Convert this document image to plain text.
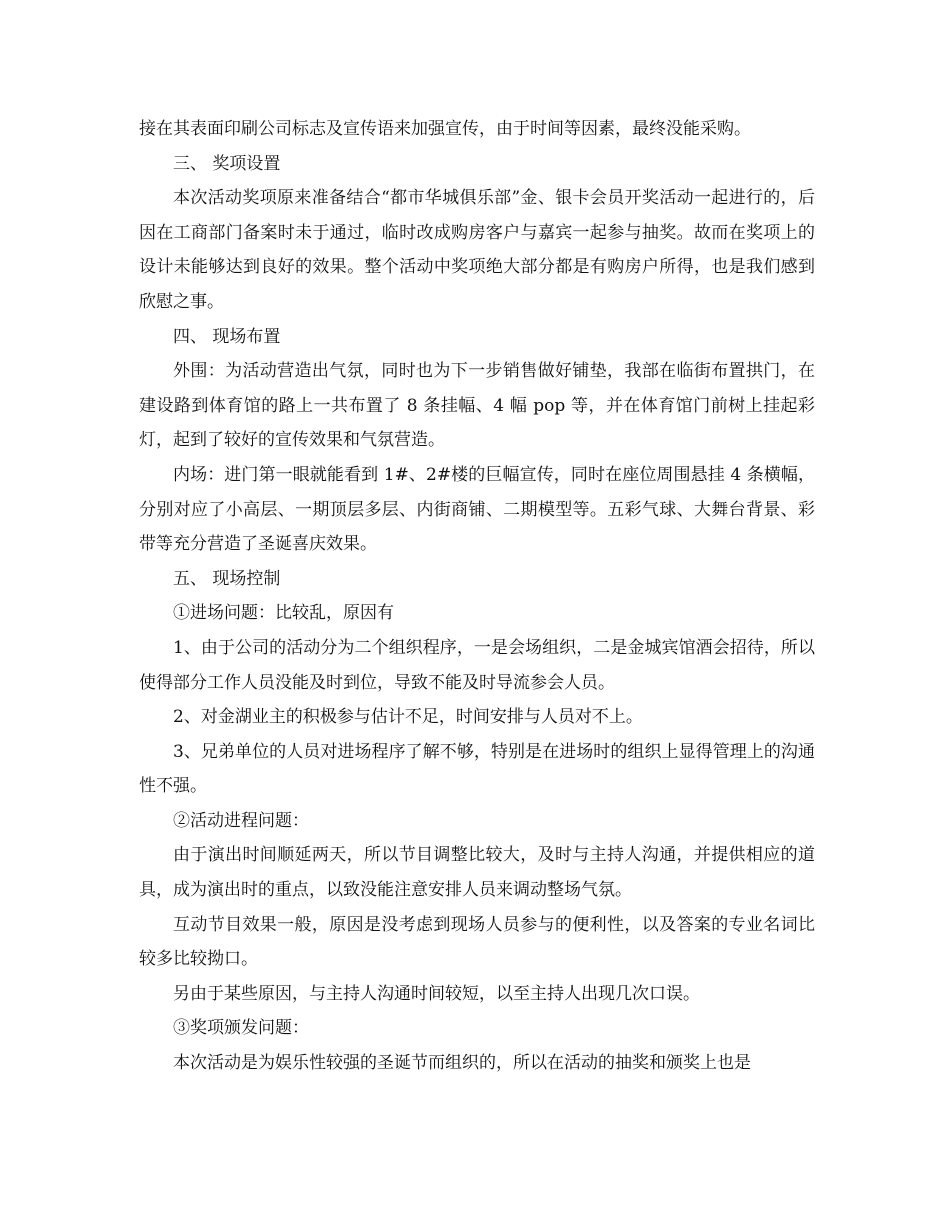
接在其表面印刷公司标志及宣传语来加强宣传，由于时间等因素，最终没能采购。

三、 奖项设置

本次活动奖项原来准备结合“都市华城俱乐部”金、银卡会员开奖活动一起进行的，后因在工商部门备案时未于通过，临时改成购房客户与嘉宾一起参与抽奖。故而在奖项上的设计未能够达到良好的效果。整个活动中奖项绝大部分都是有购房户所得，也是我们感到欣慰之事。

四、 现场布置

外围：为活动营造出气氛，同时也为下一步销售做好铺垫，我部在临街布置拱门，在建设路到体育馆的路上一共布置了 8 条挂幅、4 幅 pop 等，并在体育馆门前树上挂起彩灯，起到了较好的宣传效果和气氛营造。

内场：进门第一眼就能看到 1#、2#楼的巨幅宣传，同时在座位周围悬挂 4 条横幅，分别对应了小高层、一期顶层多层、内街商铺、二期模型等。五彩气球、大舞台背景、彩带等充分营造了圣诞喜庆效果。

五、 现场控制

①进场问题：比较乱，原因有

1、由于公司的活动分为二个组织程序，一是会场组织，二是金城宾馆酒会招待，所以使得部分工作人员没能及时到位，导致不能及时导流参会人员。

2、对金湖业主的积极参与估计不足，时间安排与人员对不上。

3、兄弟单位的人员对进场程序了解不够，特别是在进场时的组织上显得管理上的沟通性不强。

②活动进程问题：

由于演出时间顺延两天，所以节目调整比较大，及时与主持人沟通，并提供相应的道具，成为演出时的重点，以致没能注意安排人员来调动整场气氛。

互动节目效果一般，原因是没考虑到现场人员参与的便利性，以及答案的专业名词比较多比较拗口。

另由于某些原因，与主持人沟通时间较短，以至主持人出现几次口误。

③奖项颁发问题：

本次活动是为娱乐性较强的圣诞节而组织的，所以在活动的抽奖和颁奖上也是
